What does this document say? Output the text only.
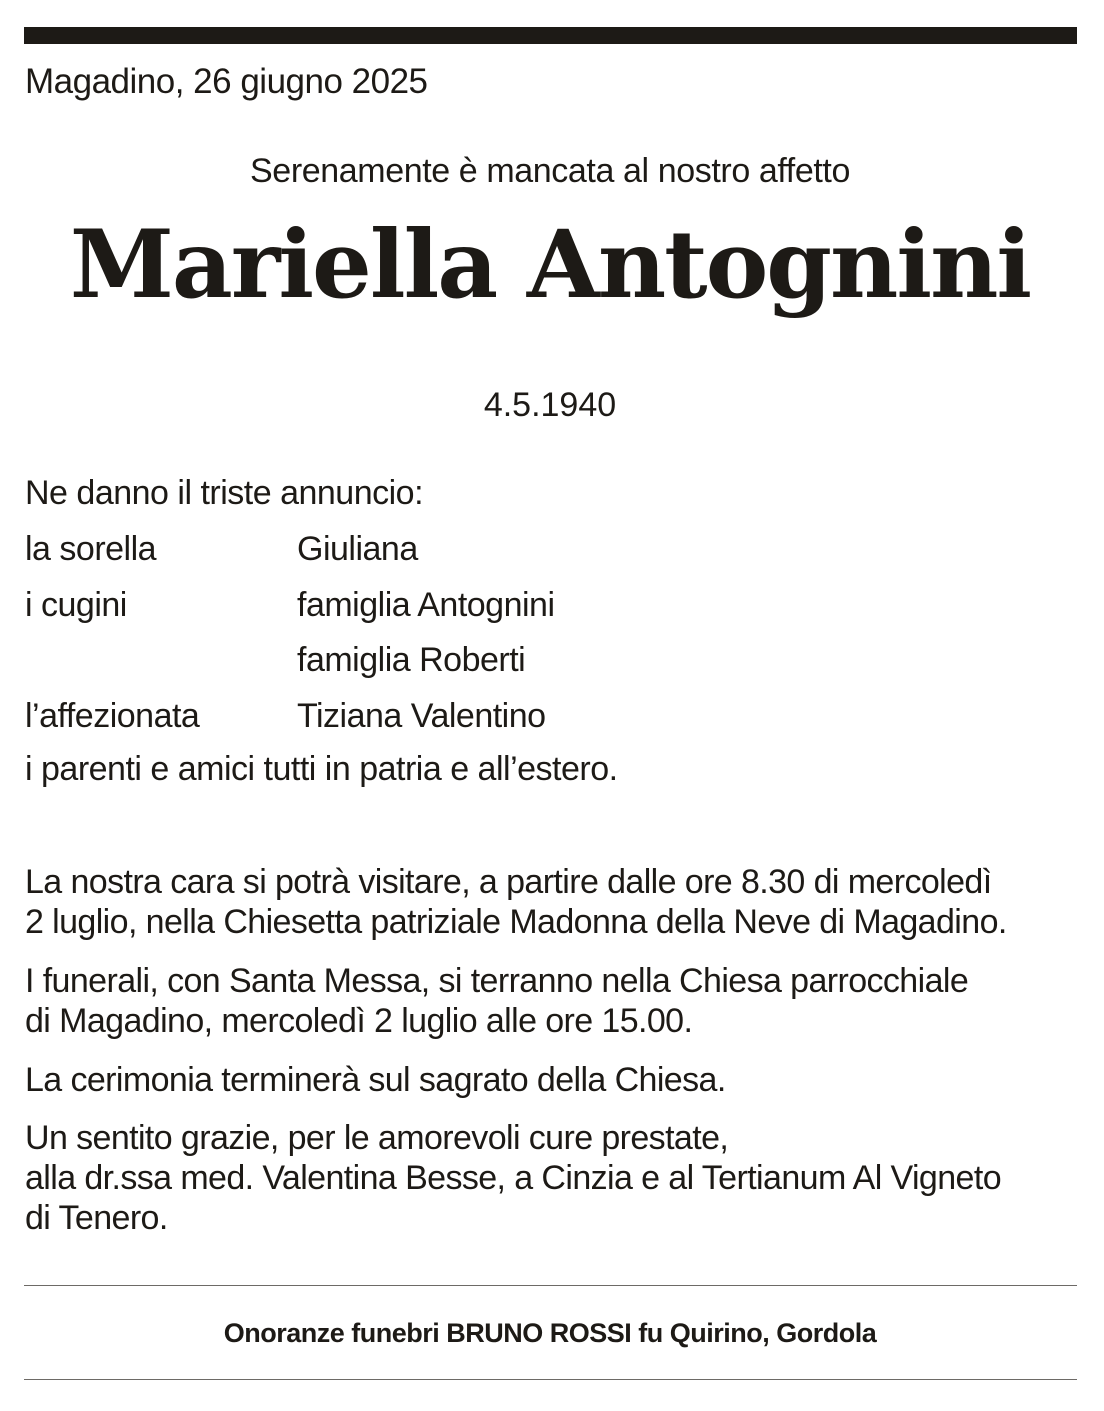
Magadino, 26 giugno 2025
Serenamente è mancata al nostro affetto
Mariella Antognini
4.5.1940
Ne danno il triste annuncio:
la sorella	Giuliana
i cugini	famiglia Antognini
famiglia Roberti
l’affezionata	Tiziana Valentino
i parenti e amici tutti in patria e all’estero.
La nostra cara si potrà visitare, a partire dalle ore 8.30 di mercoledì
2 luglio, nella Chiesetta patriziale Madonna della Neve di Magadino.
I funerali, con Santa Messa, si terranno nella Chiesa parrocchiale
di Magadino, mercoledì 2 luglio alle ore 15.00.
La cerimonia terminerà sul sagrato della Chiesa.
Un sentito grazie, per le amorevoli cure prestate,
alla dr.ssa med. Valentina Besse, a Cinzia e al Tertianum Al Vigneto
di Tenero.
Onoranze funebri BRUNO ROSSI fu Quirino, Gordola
